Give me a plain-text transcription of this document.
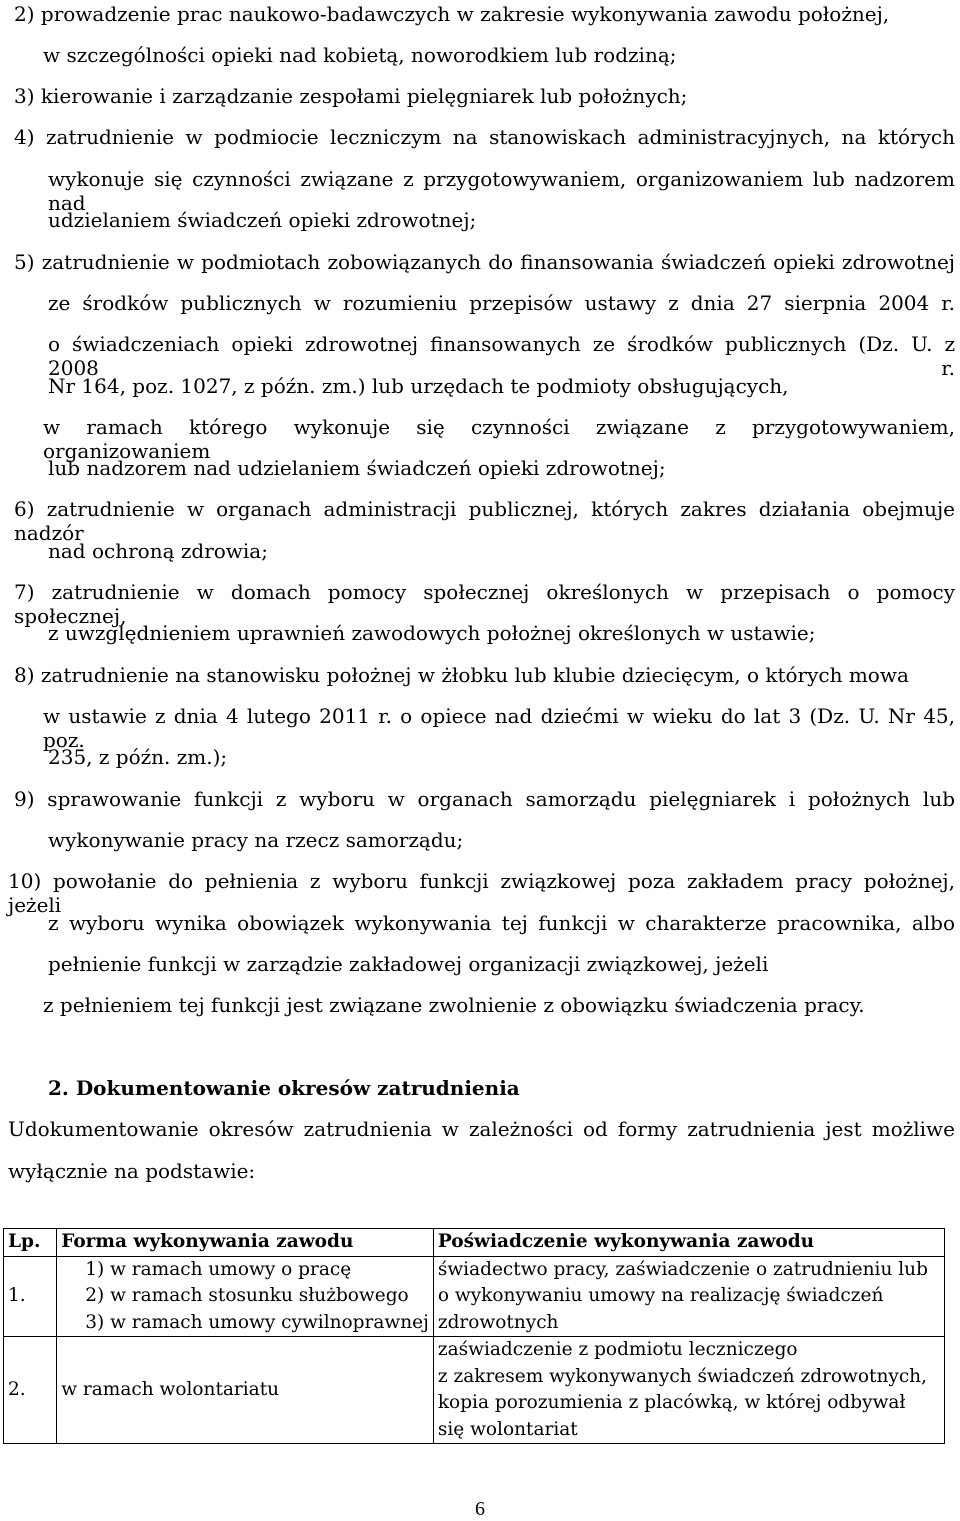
2) prowadzenie prac naukowo-badawczych w zakresie wykonywania zawodu położnej,
w szczególności opieki nad kobietą, noworodkiem lub rodziną;
3) kierowanie i zarządzanie zespołami pielęgniarek lub położnych;
4) zatrudnienie w podmiocie leczniczym na stanowiskach administracyjnych, na których
wykonuje się czynności związane z przygotowywaniem, organizowaniem lub nadzorem nad
udzielaniem świadczeń opieki zdrowotnej;
5) zatrudnienie w podmiotach zobowiązanych do finansowania świadczeń opieki zdrowotnej
ze środków publicznych w rozumieniu przepisów ustawy z dnia 27 sierpnia 2004 r.
o świadczeniach opieki zdrowotnej finansowanych ze środków publicznych (Dz. U. z 2008 r.
Nr 164, poz. 1027, z późn. zm.) lub urzędach te podmioty obsługujących,
w ramach którego wykonuje się czynności związane z przygotowywaniem, organizowaniem
lub nadzorem nad udzielaniem świadczeń opieki zdrowotnej;
6) zatrudnienie w organach administracji publicznej, których zakres działania obejmuje nadzór
nad ochroną zdrowia;
7) zatrudnienie w domach pomocy społecznej określonych w przepisach o pomocy społecznej,
z uwzględnieniem uprawnień zawodowych położnej określonych w ustawie;
8) zatrudnienie na stanowisku położnej w żłobku lub klubie dziecięcym, o których mowa
w ustawie z dnia 4 lutego 2011 r. o opiece nad dziećmi w wieku do lat 3 (Dz. U. Nr 45, poz.
235, z późn. zm.);
9) sprawowanie funkcji z wyboru w organach samorządu pielęgniarek i położnych lub
wykonywanie pracy na rzecz samorządu;
10) powołanie do pełnienia z wyboru funkcji związkowej poza zakładem pracy położnej, jeżeli
z wyboru wynika obowiązek wykonywania tej funkcji w charakterze pracownika, albo
pełnienie funkcji w zarządzie zakładowej organizacji związkowej, jeżeli
z pełnieniem tej funkcji jest związane zwolnienie z obowiązku świadczenia pracy.
2. Dokumentowanie okresów zatrudnienia
Udokumentowanie okresów zatrudnienia w zależności od formy zatrudnienia jest możliwe
wyłącznie na podstawie:
Lp.	Forma wykonywania zawodu	Poświadczenie wykonywania zawodu
1.	1) w ramach umowy o pracę
2) w ramach stosunku służbowego
3) w ramach umowy cywilnoprawnej	świadectwo pracy, zaświadczenie o zatrudnieniu lub
o wykonywaniu umowy na realizację świadczeń
zdrowotnych

2.	w ramach wolontariatu	zaświadczenie z podmiotu leczniczego
z zakresem wykonywanych świadczeń zdrowotnych,
kopia porozumienia z placówką, w której odbywał
się wolontariat
6
